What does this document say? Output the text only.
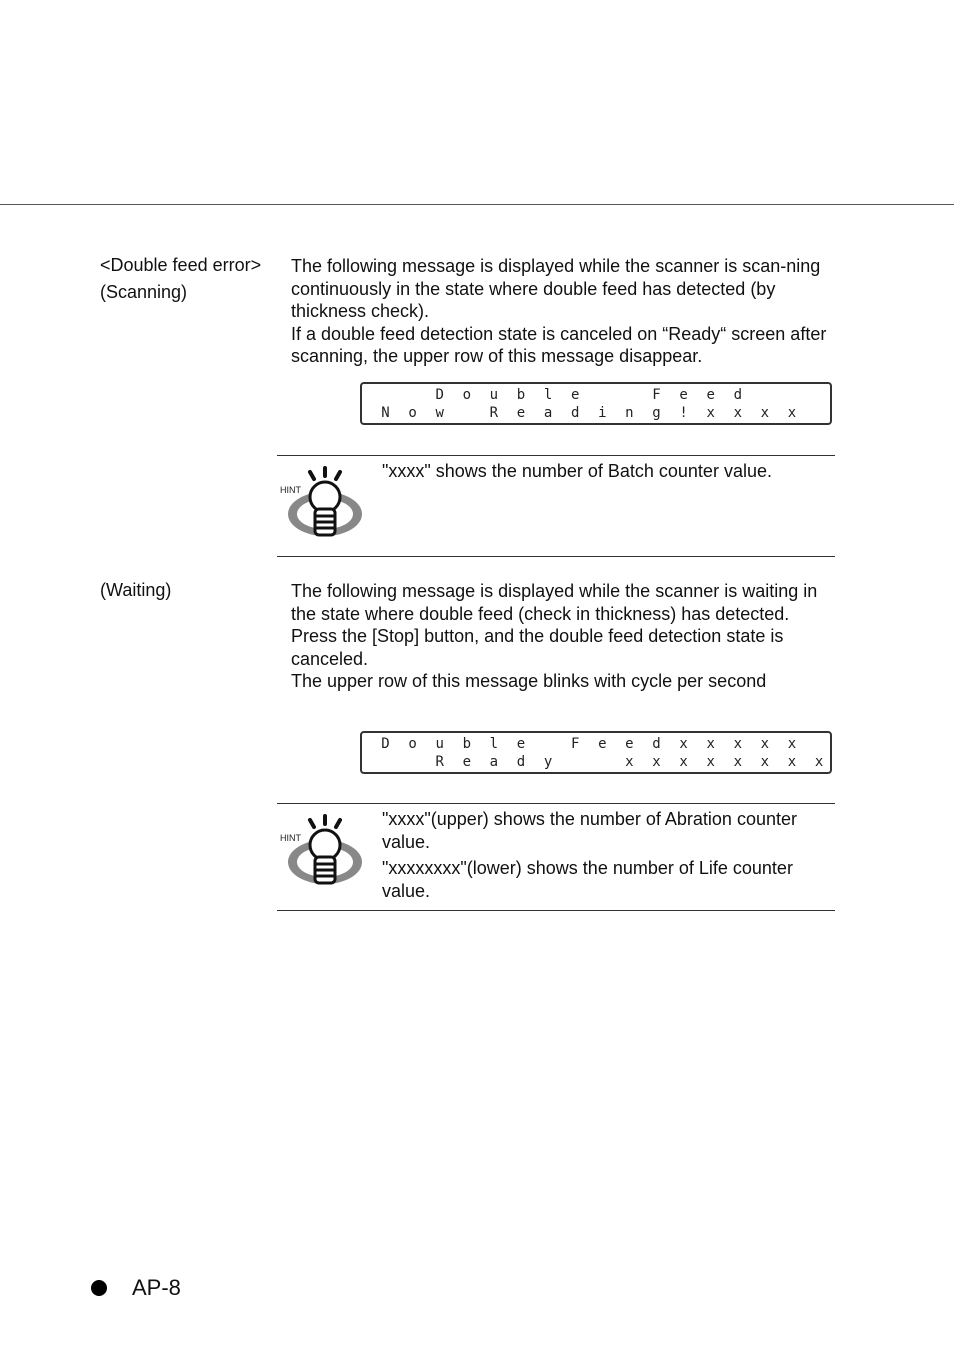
<Double feed error>
(Scanning)

The following message is displayed while the scanner is scan-ning continuously in the state where double feed has detected (by thickness check).

If a double feed detection state is canceled on “Ready“ screen after scanning, the upper row of this message disappear.

D	o	u	b	l	e

	F	e	e	d
N	o	w
	R	e	a	d	i	n	g	!	x	x	x	x
HINT

"xxxx" shows the number of Batch counter value.

(Waiting)	The following message is displayed while the scanner is waiting in the state where double feed (check in thickness) has detected.

Press the [Stop] button, and the double feed detection state is canceled.

The upper row of this message blinks with cycle per second

D	o	u	b	l	e
	F	e	e	d	x	x	x	x	x

R	e	a	d	y

	x	x	x	x	x	x	x	x
HINT

"xxxx"(upper) shows the number of Abration counter value.

"xxxxxxxx"(lower) shows the number of Life counter value.

AP-8
